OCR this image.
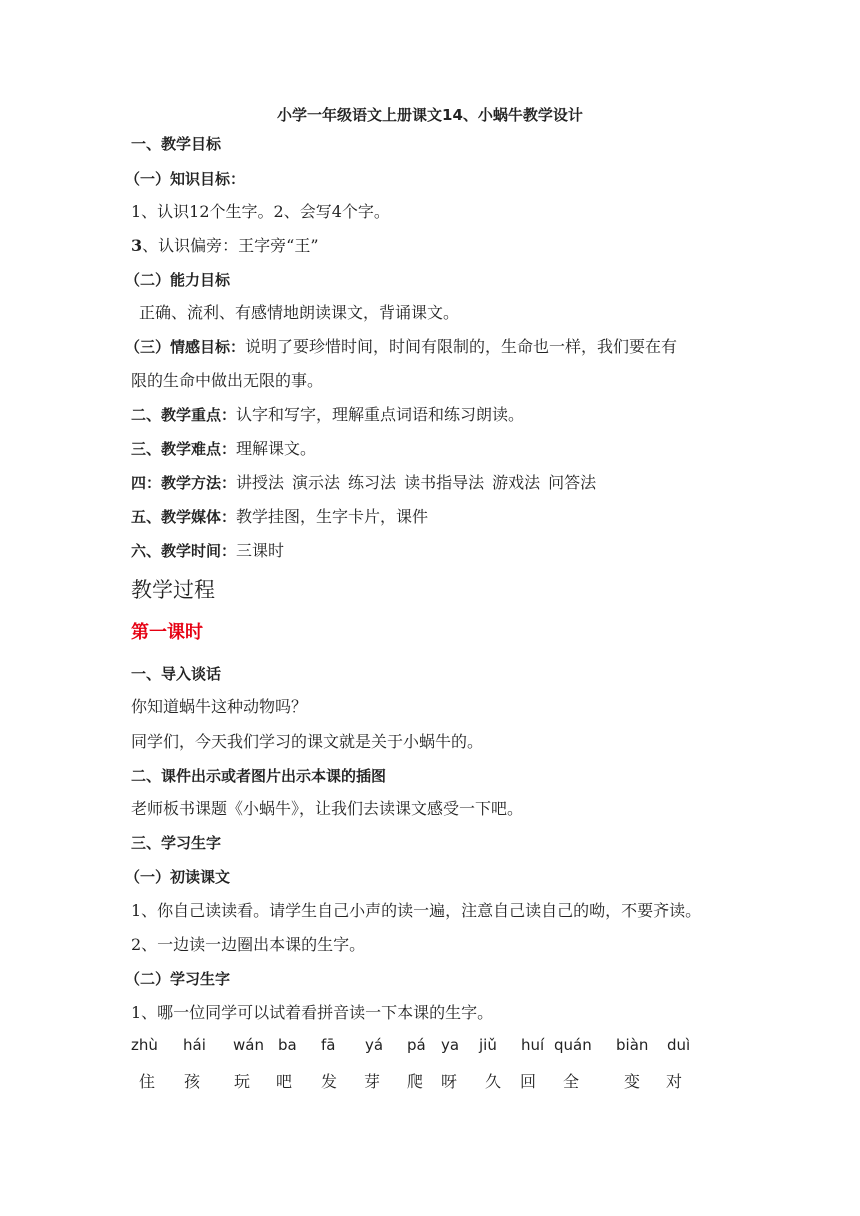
小学一年级语文上册课文14、小蜗牛教学设计
一、教学目标
（一）知识目标：
1、认识12个生字。2、会写4个字。
3、认识偏旁：王字旁“王”
（二）能力目标
正确、流利、有感情地朗读课文，背诵课文。
（三）情感目标：说明了要珍惜时间，时间有限制的，生命也一样，我们要在有
限的生命中做出无限的事。
二、教学重点：认字和写字，理解重点词语和练习朗读。
三、教学难点：理解课文。
四：教学方法：讲授法 演示法 练习法 读书指导法 游戏法 问答法
五、教学媒体：教学挂图，生字卡片，课件
六、教学时间：三课时
教学过程
第一课时
一、导入谈话
你知道蜗牛这种动物吗？
同学们，今天我们学习的课文就是关于小蜗牛的。
二、课件出示或者图片出示本课的插图
老师板书课题《小蜗牛》，让我们去读课文感受一下吧。
三、学习生字
（一）初读课文
1、你自己读读看。请学生自己小声的读一遍，注意自己读自己的呦，不要齐读。
2、一边读一边圈出本课的生字。
（二）学习生字
1、哪一位同学可以试着看拼音读一下本课的生字。
zhù hái wán ba fā yá pá ya jiǔ huí quán biàn duì
住 孩 玩 吧 发 芽 爬 呀 久 回 全	变 对
